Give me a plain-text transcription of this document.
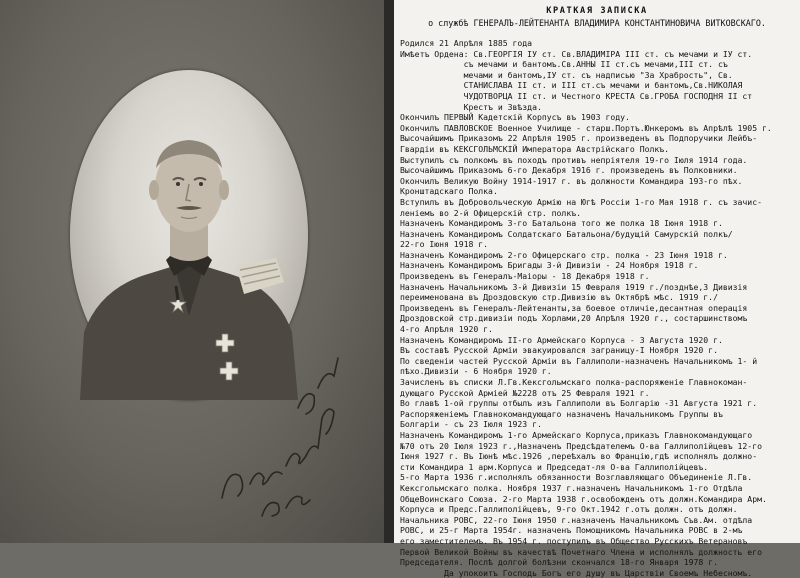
КРАТКАЯ ЗАПИСКА
о службѣ ГЕНЕРАЛЪ-ЛЕЙТЕНАНТА ВЛАДИМИРА КОНСТАНТИНОВИЧА ВИТКОВСКАГО.
Родился 21 Апрѣля 1885 года
Имѣетъ Ордена: Св.ГЕОРГІЯ ІУ ст. Св.ВЛАДИМІРА III ст. съ мечами и ІУ ст.
съ мечами и бантомъ.Св.АННЫ II ст.съ мечами,III ст. съ
мечами и бантомъ,ІУ ст. съ надписью "За Храбрость", Св.
СТАНИСЛАВА II ст. и III ст.съ мечами и бантомъ,Св.НИКОЛАЯ
ЧУДОТВОРЦА II ст. и Честного КРЕСТА Св.ГРОБА ГОСПОДНЯ II ст
Крестъ и Звѣзда.
Окончилъ ПЕРВЫЙ Кадетскій Корпусъ въ 1903 году.
Окончилъ ПАВЛОВСКОЕ Военное Училище - старш.Портъ.Юнкеромъ въ Апрѣлѣ 1905 г.
Высочайшимъ Приказомъ 22 Апрѣля 1905 г. произведенъ въ Подпоручики Лейбъ-
Гвардіи въ КЕКСГОЛЬМСКІЙ Императора Австрійскаго Полкъ.
Выступилъ съ полкомъ въ походъ противъ непріятеля 19-го Іюля 1914 года.
Высочайшимъ Приказомъ 6-го Декабря 1916 г. произведенъ въ Полковники.
Окончилъ Великую Войну 1914-1917 г. въ должности Командира 193-го пѣх.
Кронштадскаго Полка.
Вступилъ въ Добровольческую Армію на Югѣ Россіи 1-го Мая 1918 г. съ зачис-
леніемъ во 2-й Офицерскій стр. полкъ.
Назначенъ Командиромъ 3-го Батальона того же полка 18 Іюня 1918 г.
Назначенъ Командиромъ Солдатскаго Батальона/будущій Самурскій полкъ/
22-го Іюня 1918 г.
Назначенъ Командиромъ 2-го Офицерскаго стр. полка - 23 Іюня 1918 г.
Назначенъ Командиромъ Бригады 3-й Дивизіи - 24 Ноября 1918 г.
Произведенъ въ Генералъ-Маіоры - 18 Декабря 1918 г.
Назначенъ Начальникомъ 3-й Дивизіи 15 Февраля 1919 г./позднѣе,3 Дивизія
переименована въ Дроздовскую стр.Дивизію въ Октябрѣ мѣс. 1919 г./
Произведенъ въ Генералъ-Лейтенанты,за боевое отличіе,десантная операція
Дроздовской стр.дивизіи подъ Хорлами,20 Апрѣля 1920 г., состаршинствомъ
4-го Апрѣля 1920 г.
Назначенъ Командиромъ II-го Армейскаго Корпуса - 3 Августа 1920 г.
Въ составѣ Русской Арміи эвакуировался заграницу-I Ноября 1920 г.
По сведеніи частей Русской Арміи въ Галлиполи-назначенъ Начальникомъ 1- й
пѣхо.Дивизіи - 6 Ноября 1920 г.
Зачисленъ въ списки Л.Гв.Кексгольмскаго полка-распоряженіе Главнокоман-
дующаго Русской Арміей №2228 отъ 25 Февраля 1921 г.
Во главѣ 1-ой группы отбылъ изъ Галлиполи въ Болгарію -31 Августа 1921 г.
Распоряженіемъ Главнокомандующаго назначенъ Начальникомъ Группы въ
Болгаріи - съ 23 Іюля 1923 г.
Назначенъ Командиромъ 1-го Армейскаго Корпуса,приказъ Главнокомандующаго
№70 отъ 20 Іюля 1923 г.,Назначенъ Предсѣдателемъ О-ва Галлиполійцевъ 12-го
Іюня 1927 г. Въ Іюнѣ мѣс.1926 ,переѣхалъ во Францію,гдѣ исполнялъ должно-
сти Командира 1 арм.Корпуса и Председат-ля О-ва Галлиполійцевъ.
5-го Марта 1936 г.исполнялъ обязанности Возглавляющаго Объединеніе Л.Гв.
Кексгольмскаго полка. Ноября 1937 г.назначенъ Начальникомъ 1-го Отдѣла
ОбщеВоинскаго Союза. 2-го Марта 1938 г.освобожденъ отъ должн.Командира Арм.
Корпуса и Предс.Галлиполійцевъ, 9-го Окт.1942 г.отъ должн. отъ должн.
Начальника РОВС, 22-го Іюня 1950 г.назначенъ Начальникомъ Съв.Ам. отдѣла
РОВС, и 25-г Марта 1954г. назначенъ Помощникомъ Начальника РОВС в 2-мъ
его заместителемъ. Въ 1954 г. поступилъ въ Общество Русскихъ Ветерановъ
Первой Великой Войны въ качествѣ Почетнаго Члена и исполнялъ должность его
Председателя. Послѣ долгой болѣзни скончался 18-го Января 1978 г.
Да упокоитъ Господь Богъ его душу въ Царствіи Своемъ Небесномъ.
